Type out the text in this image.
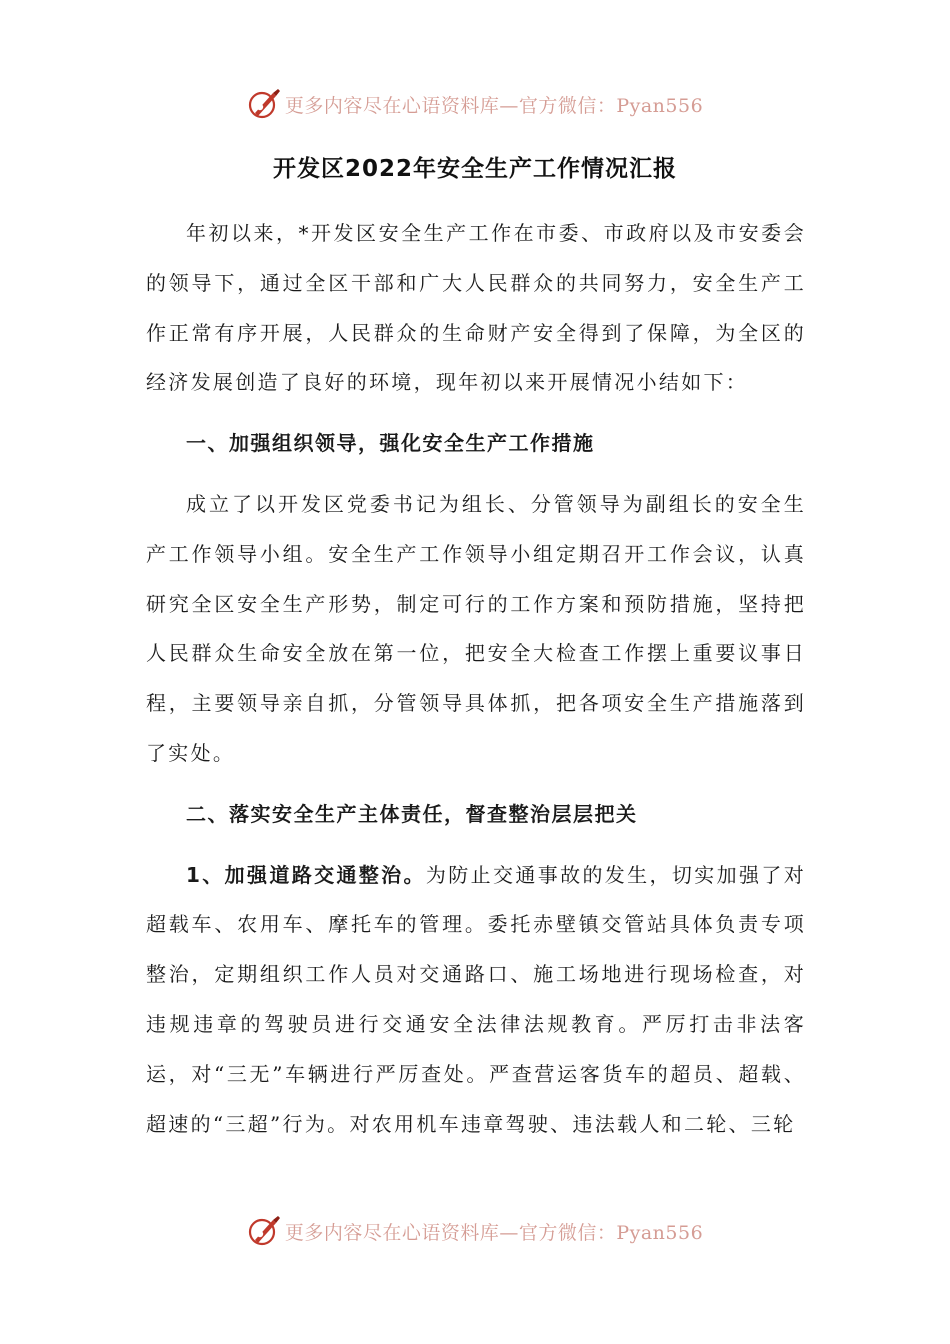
更多内容尽在心语资料库—官方微信：Pyan556
开发区2022年安全生产工作情况汇报

年初以来，*开发区安全生产工作在市委、市政府以及市安委会的领导下，通过全区干部和广大人民群众的共同努力，安全生产工作正常有序开展，人民群众的生命财产安全得到了保障，为全区的经济发展创造了良好的环境，现年初以来开展情况小结如下：

一、加强组织领导，强化安全生产工作措施

成立了以开发区党委书记为组长、分管领导为副组长的安全生产工作领导小组。安全生产工作领导小组定期召开工作会议，认真研究全区安全生产形势，制定可行的工作方案和预防措施，坚持把人民群众生命安全放在第一位，把安全大检查工作摆上重要议事日程，主要领导亲自抓，分管领导具体抓，把各项安全生产措施落到了实处。

二、落实安全生产主体责任，督查整治层层把关

1、加强道路交通整治。为防止交通事故的发生，切实加强了对超载车、农用车、摩托车的管理。委托赤壁镇交管站具体负责专项整治，定期组织工作人员对交通路口、施工场地进行现场检查，对违规违章的驾驶员进行交通安全法律法规教育。严厉打击非法客运，对“三无”车辆进行严厉查处。严查营运客货车的超员、超载、超速的“三超”行为。对农用机车违章驾驶、违法载人和二轮、三轮

更多内容尽在心语资料库—官方微信：Pyan556
